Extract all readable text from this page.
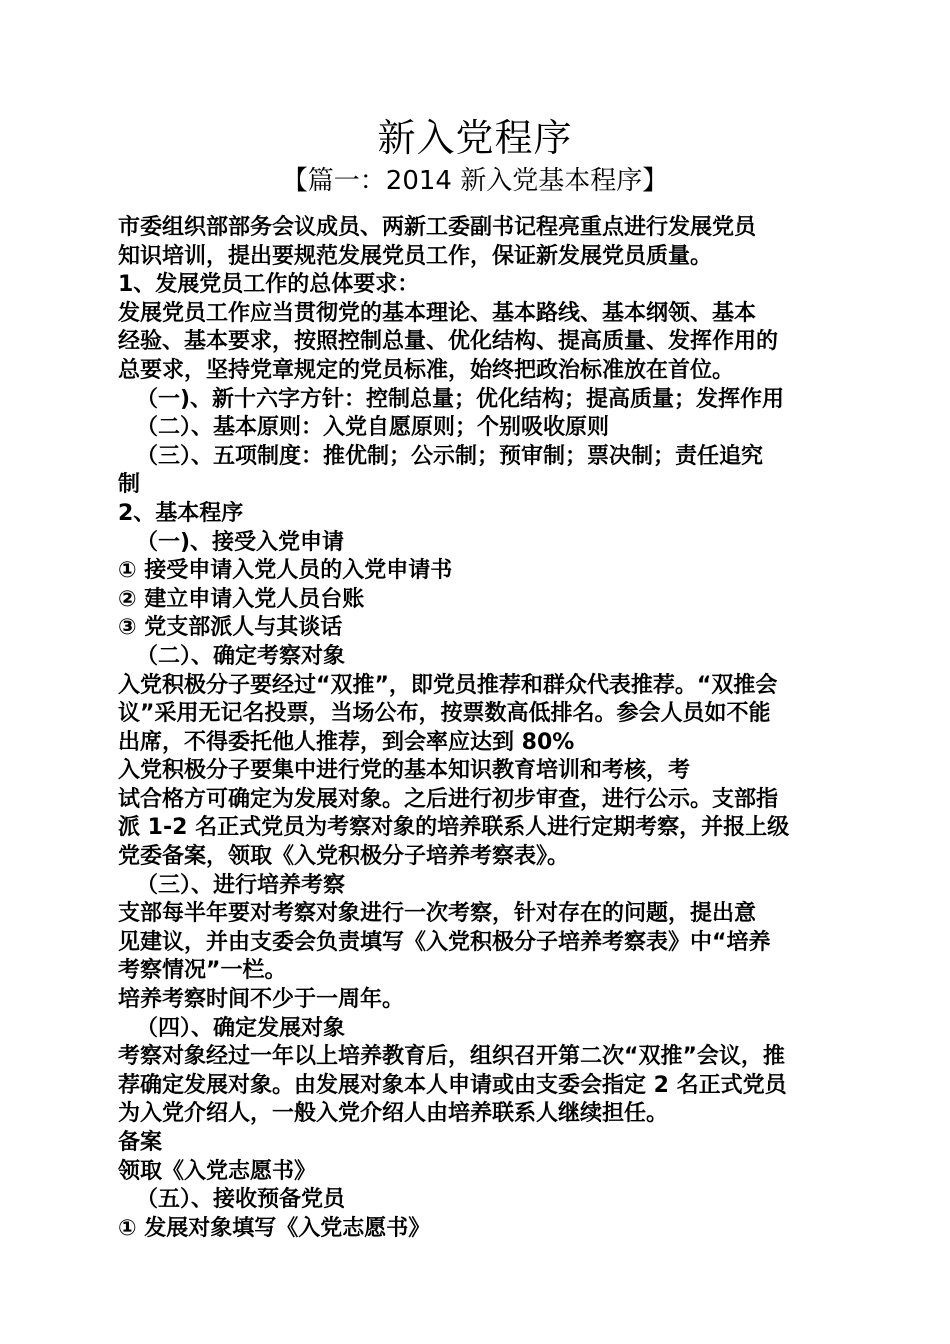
新入党程序
【篇一：2014 新入党基本程序】
市委组织部部务会议成员、两新工委副书记程亮重点进行发展党员
知识培训，提出要规范发展党员工作，保证新发展党员质量。
1、发展党员工作的总体要求：
发展党员工作应当贯彻党的基本理论、基本路线、基本纲领、基本
经验、基本要求，按照控制总量、优化结构、提高质量、发挥作用的
总要求，坚持党章规定的党员标准，始终把政治标准放在首位。
（一)、新十六字方针：控制总量；优化结构；提高质量；发挥作用
（二）、基本原则：入党自愿原则；个别吸收原则
（三）、五项制度：推优制；公示制；预审制；票决制；责任追究
制
2、基本程序
（一)、接受入党申请
① 接受申请入党人员的入党申请书
② 建立申请入党人员台账
③ 党支部派人与其谈话
（二）、确定考察对象
入党积极分子要经过“双推”，即党员推荐和群众代表推荐。“双推会
议”采用无记名投票，当场公布，按票数高低排名。参会人员如不能
出席，不得委托他人推荐，到会率应达到 80%
入党积极分子要集中进行党的基本知识教育培训和考核，考
试合格方可确定为发展对象。之后进行初步审查，进行公示。支部指
派 1-2 名正式党员为考察对象的培养联系人进行定期考察，并报上级
党委备案，领取《入党积极分子培养考察表》。
（三）、进行培养考察
支部每半年要对考察对象进行一次考察，针对存在的问题，提出意
见建议，并由支委会负责填写《入党积极分子培养考察表》中“培养
考察情况”一栏。
培养考察时间不少于一周年。
（四）、确定发展对象
考察对象经过一年以上培养教育后，组织召开第二次“双推”会议，推
荐确定发展对象。由发展对象本人申请或由支委会指定 2 名正式党员
为入党介绍人，一般入党介绍人由培养联系人继续担任。
备案
领取《入党志愿书》
（五）、接收预备党员
① 发展对象填写《入党志愿书》
